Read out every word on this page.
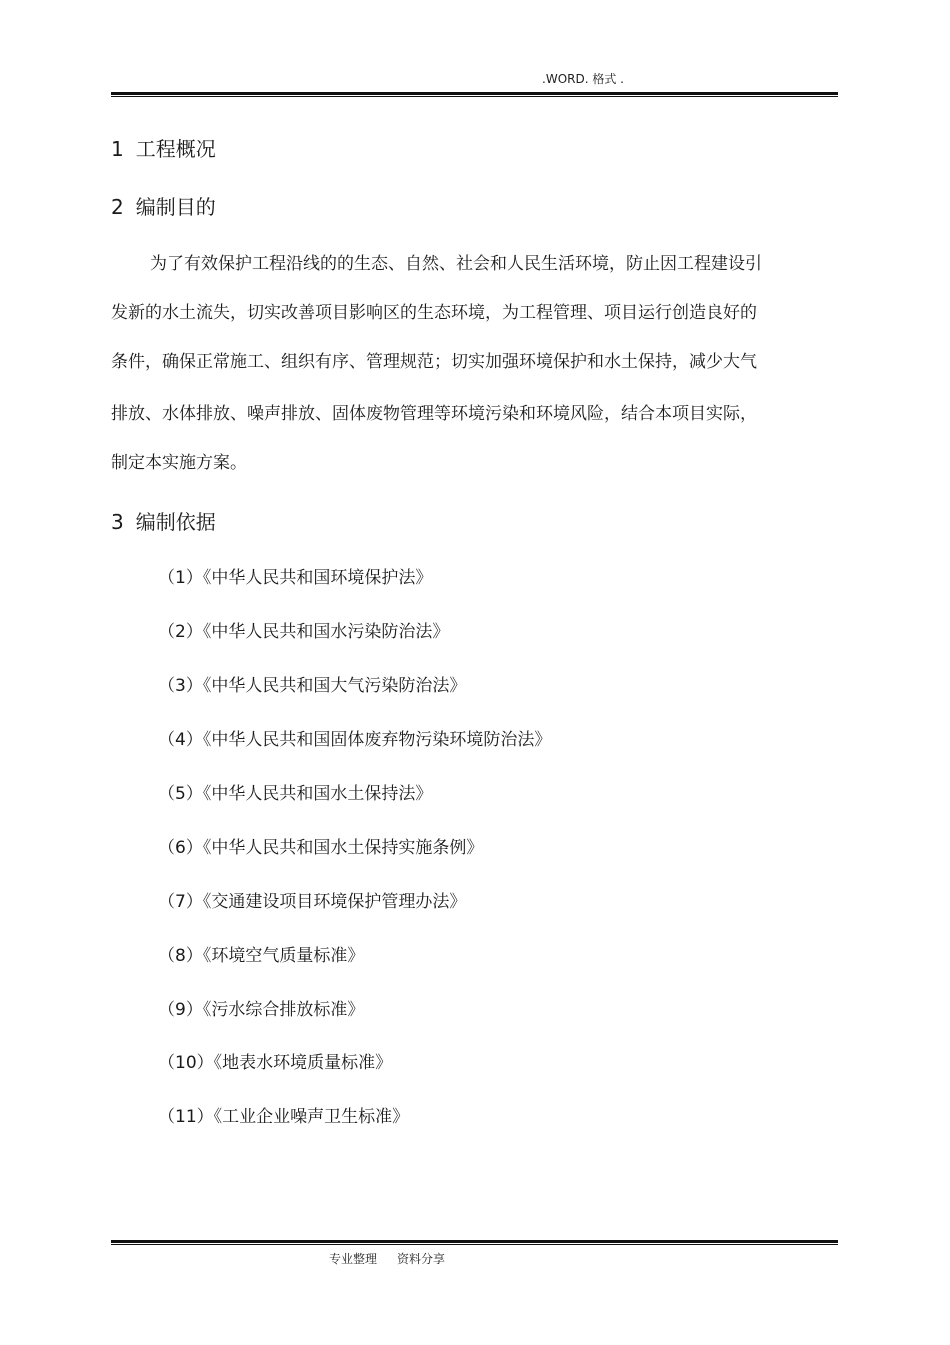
.WORD. 格式 .
1 工程概况
2 编制目的
为了有效保护工程沿线的的生态、自然、社会和人民生活环境，防止因工程建设引
发新的水土流失，切实改善项目影响区的生态环境，为工程管理、项目运行创造良好的
条件，确保正常施工、组织有序、管理规范；切实加强环境保护和水土保持，减少大气
排放、水体排放、噪声排放、固体废物管理等环境污染和环境风险，结合本项目实际，
制定本实施方案。
3 编制依据
（1）《中华人民共和国环境保护法》
（2）《中华人民共和国水污染防治法》
（3）《中华人民共和国大气污染防治法》
（4）《中华人民共和国固体废弃物污染环境防治法》
（5）《中华人民共和国水土保持法》
（6）《中华人民共和国水土保持实施条例》
（7）《交通建设项目环境保护管理办法》
（8）《环境空气质量标准》
（9）《污水综合排放标准》
（10）《地表水环境质量标准》
（11）《工业企业噪声卫生标准》
专业整理 资料分享
